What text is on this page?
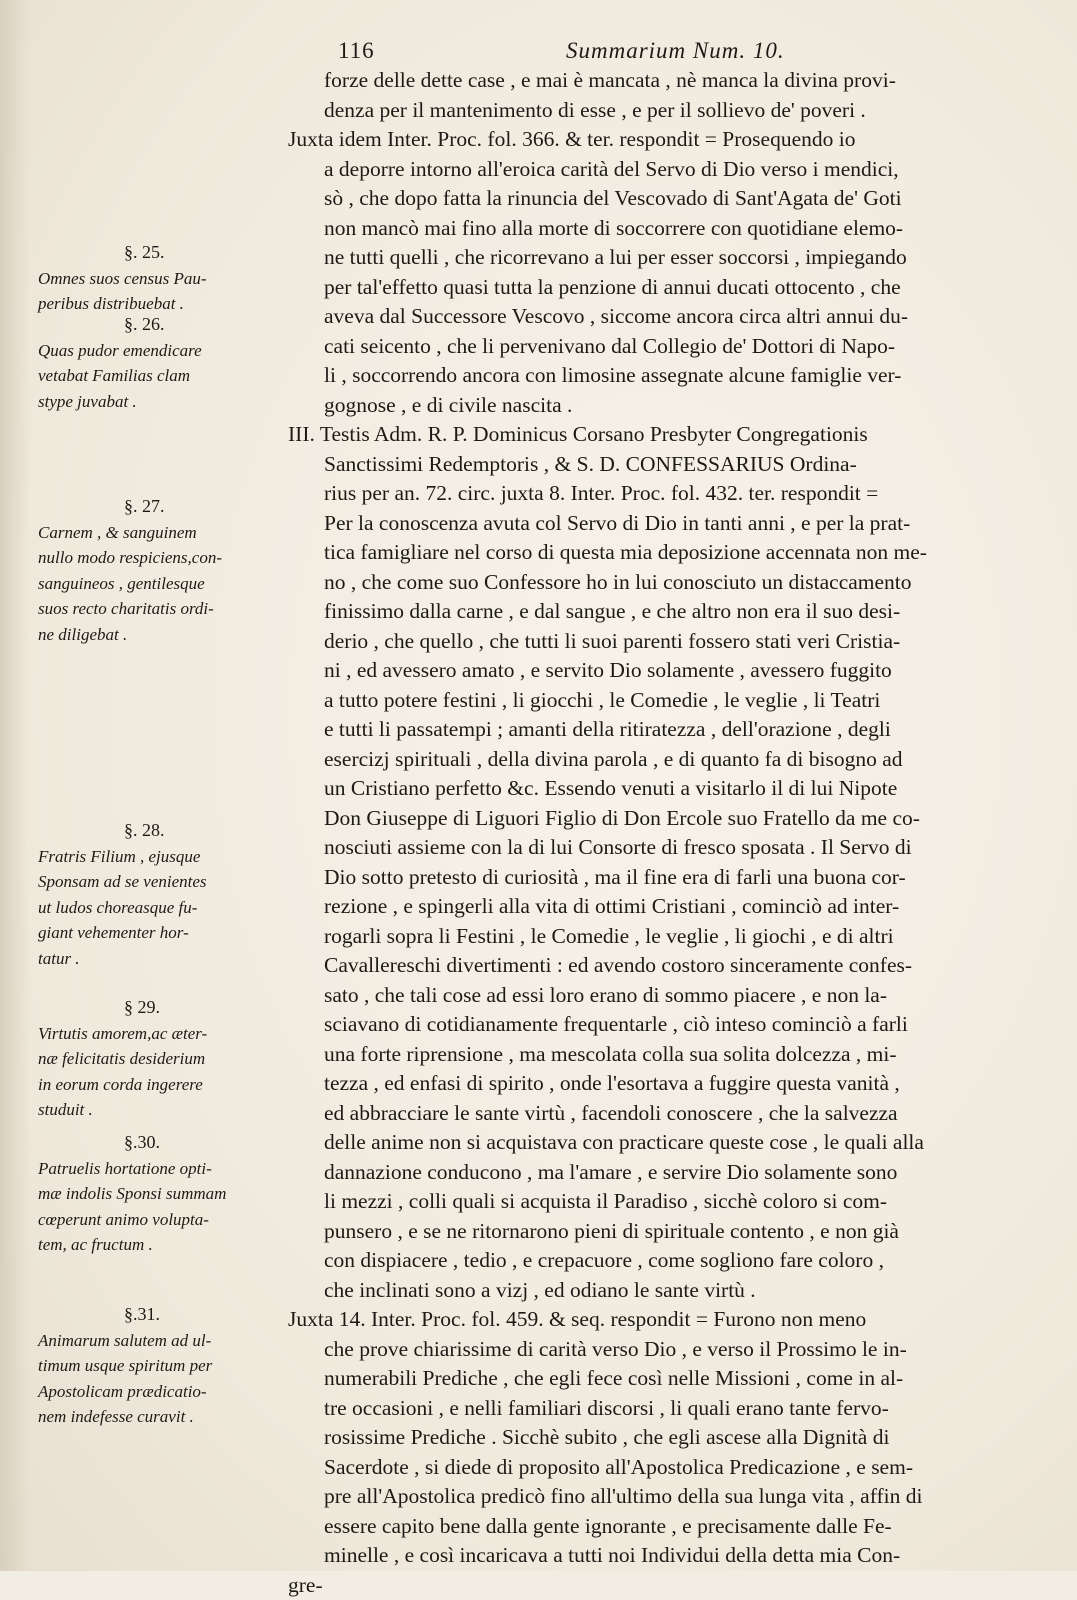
116	Summarium Num. 10.
forze delle dette case , e mai è mancata , nè manca la divina provi-
denza per il mantenimento di esse , e per il sollievo de' poveri .
Juxta idem Inter. Proc. fol. 366. & ter. respondit = Prosequendo io
a deporre intorno all'eroica carità del Servo di Dio verso i mendici,
sò , che dopo fatta la rinuncia del Vescovado di Sant'Agata de' Goti
non mancò mai fino alla morte di soccorrere con quotidiane elemo-
ne tutti quelli , che ricorrevano a lui per esser soccorsi , impiegando
per tal'effetto quasi tutta la penzione di annui ducati ottocento , che
aveva dal Successore Vescovo , siccome ancora circa altri annui du-
cati seicento , che li pervenivano dal Collegio de' Dottori di Napo-
li , soccorrendo ancora con limosine assegnate alcune famiglie ver-
gognose , e di civile nascita .
III. Testis Adm. R. P. Dominicus Corsano Presbyter Congregationis
Sanctissimi Redemptoris , & S. D. CONFESSARIUS Ordina-
rius per an. 72. circ. juxta 8. Inter. Proc. fol. 432. ter. respondit =
Per la conoscenza avuta col Servo di Dio in tanti anni , e per la prat-
tica famigliare nel corso di questa mia deposizione accennata non me-
no , che come suo Confessore ho in lui conosciuto un distaccamento
finissimo dalla carne , e dal sangue , e che altro non era il suo desi-
derio , che quello , che tutti li suoi parenti fossero stati veri Cristia-
ni , ed avessero amato , e servito Dio solamente , avessero fuggito
a tutto potere festini , li giocchi , le Comedie , le veglie , li Teatri
e tutti li passatempi ; amanti della ritiratezza , dell'orazione , degli
esercizj spirituali , della divina parola , e di quanto fa di bisogno ad
un Cristiano perfetto &c. Essendo venuti a visitarlo il di lui Nipote
Don Giuseppe di Liguori Figlio di Don Ercole suo Fratello da me co-
nosciuti assieme con la di lui Consorte di fresco sposata . Il Servo di
Dio sotto pretesto di curiosità , ma il fine era di farli una buona cor-
rezione , e spingerli alla vita di ottimi Cristiani , cominciò ad inter-
rogarli sopra li Festini , le Comedie , le veglie , li giochi , e di altri
Cavallereschi divertimenti : ed avendo costoro sinceramente confes-
sato , che tali cose ad essi loro erano di sommo piacere , e non la-
sciavano di cotidianamente frequentarle , ciò inteso cominciò a farli
una forte riprensione , ma mescolata colla sua solita dolcezza , mi-
tezza , ed enfasi di spirito , onde l'esortava a fuggire questa vanità ,
ed abbracciare le sante virtù , facendoli conoscere , che la salvezza
delle anime non si acquistava con practicare queste cose , le quali alla
dannazione conducono , ma l'amare , e servire Dio solamente sono
li mezzi , colli quali si acquista il Paradiso , sicchè coloro si com-
punsero , e se ne ritornarono pieni di spirituale contento , e non già
con dispiacere , tedio , e crepacuore , come sogliono fare coloro ,
che inclinati sono a vizj , ed odiano le sante virtù .
Juxta 14. Inter. Proc. fol. 459. & seq. respondit = Furono non meno
che prove chiarissime di carità verso Dio , e verso il Prossimo le in-
numerabili Prediche , che egli fece così nelle Missioni , come in al-
tre occasioni , e nelli familiari discorsi , li quali erano tante fervo-
rosissime Prediche . Sicchè subito , che egli ascese alla Dignità di
Sacerdote , si diede di proposito all'Apostolica Predicazione , e sem-
pre all'Apostolica predicò fino all'ultimo della sua lunga vita , affin di
essere capito bene dalla gente ignorante , e precisamente dalle Fe-
minelle , e così incaricava a tutti noi Individui della detta mia Con-
gre-
§. 25.
Omnes suos census Pau-
peribus distribuebat .
§. 26.
Quas pudor emendicare
vetabat Familias clam
stype juvabat .
§. 27.
Carnem , & sanguinem
nullo modo respiciens,con-
sanguineos , gentilesque
suos recto charitatis ordi-
ne diligebat .
§. 28.
Fratris Filium , ejusque
Sponsam ad se venientes
ut ludos choreasque fu-
giant vehementer hor-
tatur .
§ 29.
Virtutis amorem,ac æter-
næ felicitatis desiderium
in eorum corda ingerere
studuit .
§.30.
Patruelis hortatione opti-
mæ indolis Sponsi summam
cœperunt animo volupta-
tem, ac fructum .
§.31.
Animarum salutem ad ul-
timum usque spiritum per
Apostolicam prædicatio-
nem indefesse curavit .
